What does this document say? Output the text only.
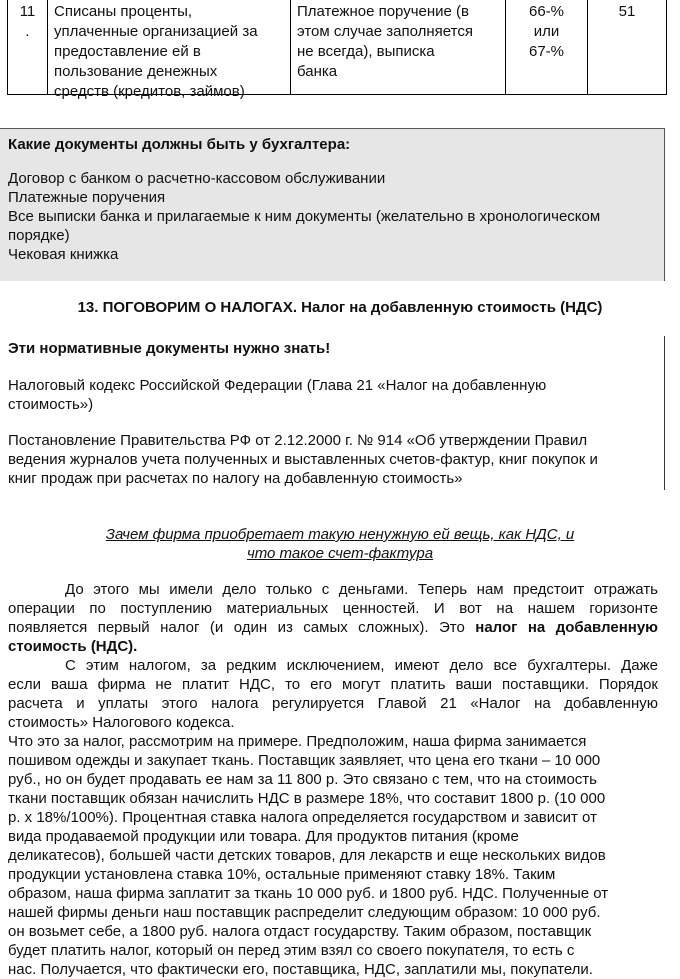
11
.
Списаны проценты,
уплаченные организацией за
предоставление ей в
пользование денежных
средств (кредитов, займов)
Платежное поручение (в
этом случае заполняется
не всегда), выписка
банка
66-%
или
67-%
51
Какие документы должны быть у бухгалтера:
Договор с банком о расчетно-кассовом обслуживании
Платежные поручения
Все выписки банка и прилагаемые к ним документы (желательно в хронологическом
порядке)
Чековая книжка
13. ПОГОВОРИМ О НАЛОГАХ. Налог на добавленную стоимость (НДС)
Эти нормативные документы нужно знать!
Налоговый кодекс Российской Федерации (Глава 21 «Налог на добавленную
стоимость»)
Постановление Правительства РФ от 2.12.2000 г. № 914 «Об утверждении Правил
ведения журналов учета полученных и выставленных счетов-фактур, книг покупок и
книг продаж при расчетах по налогу на добавленную стоимость»
Зачем фирма приобретает такую ненужную ей вещь, как НДС, и
что такое счет-фактура
До этого мы имели дело только с деньгами. Теперь нам предстоит отражать
операции по поступлению материальных ценностей. И вот на нашем горизонте
появляется первый налог (и один из самых сложных). Это налог на добавленную
стоимость (НДС).
С этим налогом, за редким исключением, имеют дело все бухгалтеры. Даже
если ваша фирма не платит НДС, то его могут платить ваши поставщики. Порядок
расчета и уплаты этого налога регулируется Главой 21 «Налог на добавленную
стоимость» Налогового кодекса.
Что это за налог, рассмотрим на примере. Предположим, наша фирма занимается
пошивом одежды и закупает ткань. Поставщик заявляет, что цена его ткани – 10 000
руб., но он будет продавать ее нам за 11 800 р. Это связано с тем, что на стоимость
ткани поставщик обязан начислить НДС в размере 18%, что составит 1800 р. (10 000
р. х 18%/100%). Процентная ставка налога определяется государством и зависит от
вида продаваемой продукции или товара. Для продуктов питания (кроме
деликатесов), большей части детских товаров, для лекарств и еще нескольких видов
продукции установлена ставка 10%, остальные применяют ставку 18%. Таким
образом, наша фирма заплатит за ткань 10 000 руб. и 1800 руб. НДС. Полученные от
нашей фирмы деньги наш поставщик распределит следующим образом: 10 000 руб.
он возьмет себе, а 1800 руб. налога отдаст государству. Таким образом, поставщик
будет платить налог, который он перед этим взял со своего покупателя, то есть с
нас. Получается, что фактически его, поставщика, НДС, заплатили мы, покупатели.
